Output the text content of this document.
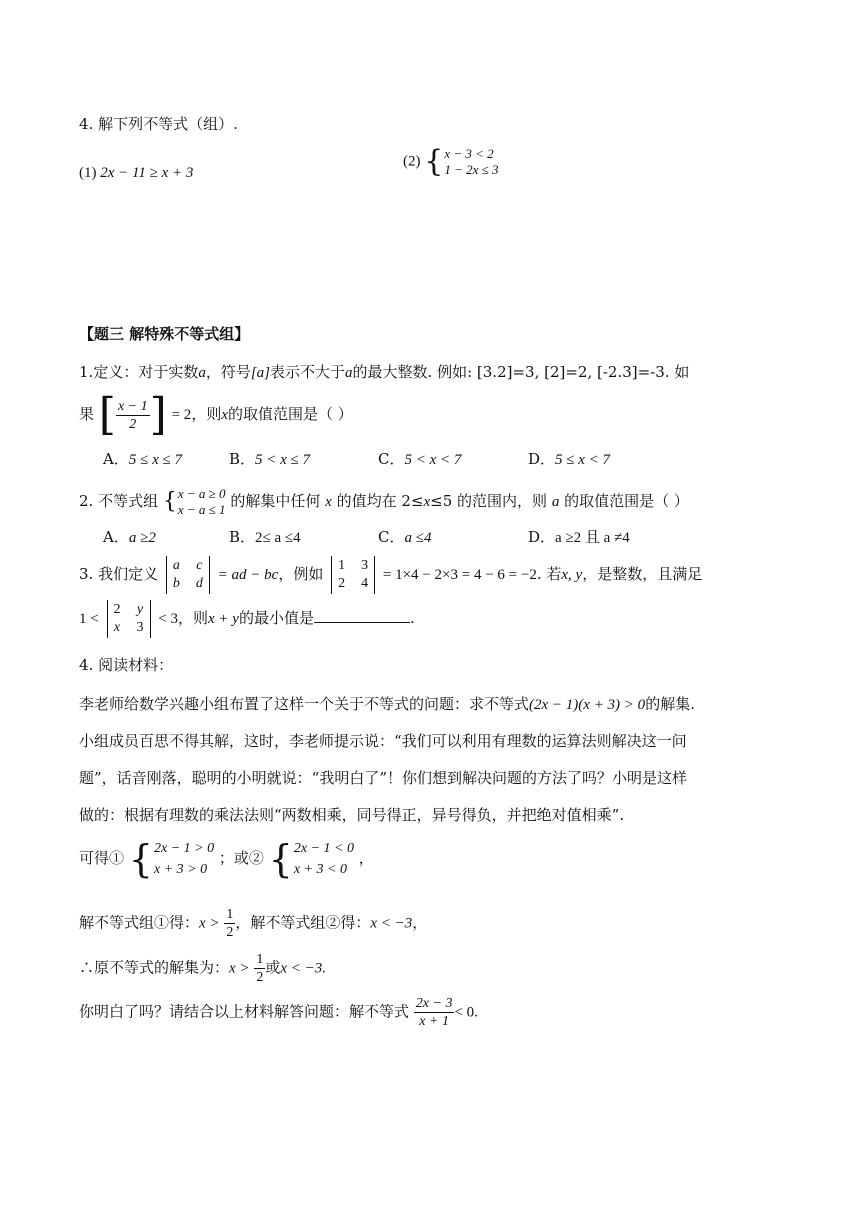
4. 解下列不等式（组）.
(1) 2x − 11 ≥ x + 3
(2) { x − 3 < 2
1 − 2x ≤ 3
【题三 解特殊不等式组】
1.定义：对于实数a，符号[a]表示不大于a的最大整数. 例如: [3.2]=3, [2]=2, [-2.3]=-3. 如
果 [ $\frac{x - 1}{2}$ ] = 2，则x的取值范围是（ ）
A．5 ≤ x ≤ 7	B．5 < x ≤ 7	C．5 < x < 7	D．5 ≤ x < 7
2. 不等式组 { x − a ≥ 0
x − a ≤ 1 的解集中任何 x 的值均在 2≤x≤5 的范围内，则 a 的取值范围是（ ）
A．a ≥2	B．2≤ a ≤4	C．a ≤4	D．a ≥2 且 a ≠4
3. 我们定义 a
b
c
d
= ad − bc，例如 1
2
3
4
= 1×4 − 2×3 = 4 − 6 = −2. 若x, y，是整数，且满足
1 <
2
x
y
3
< 3，则x + y的最小值是	.
4. 阅读材料：
李老师给数学兴趣小组布置了这样一个关于不等式的问题：求不等式(2x − 1)(x + 3) > 0的解集.
小组成员百思不得其解，这时，李老师提示说：“我们可以利用有理数的运算法则解决这一问
题”，话音刚落，聪明的小明就说：“我明白了”！你们想到解决问题的方法了吗？小明是这样
做的：根据有理数的乘法法则“两数相乘，同号得正，异号得负，并把绝对值相乘”.
可得① { 2x − 1 > 0
x + 3 > 0
；或② { 2x − 1 < 0
x + 3 < 0
，
解不等式组①得：$x > \frac{1}{2}$ ，解不等式组②得：x < −3，
∴原不等式的解集为：$x > \frac{1}{2}$ 或x < −3.
你明白了吗？请结合以上材料解答问题：解不等式 $\frac{2x - 3}{x + 1} < 0$.
